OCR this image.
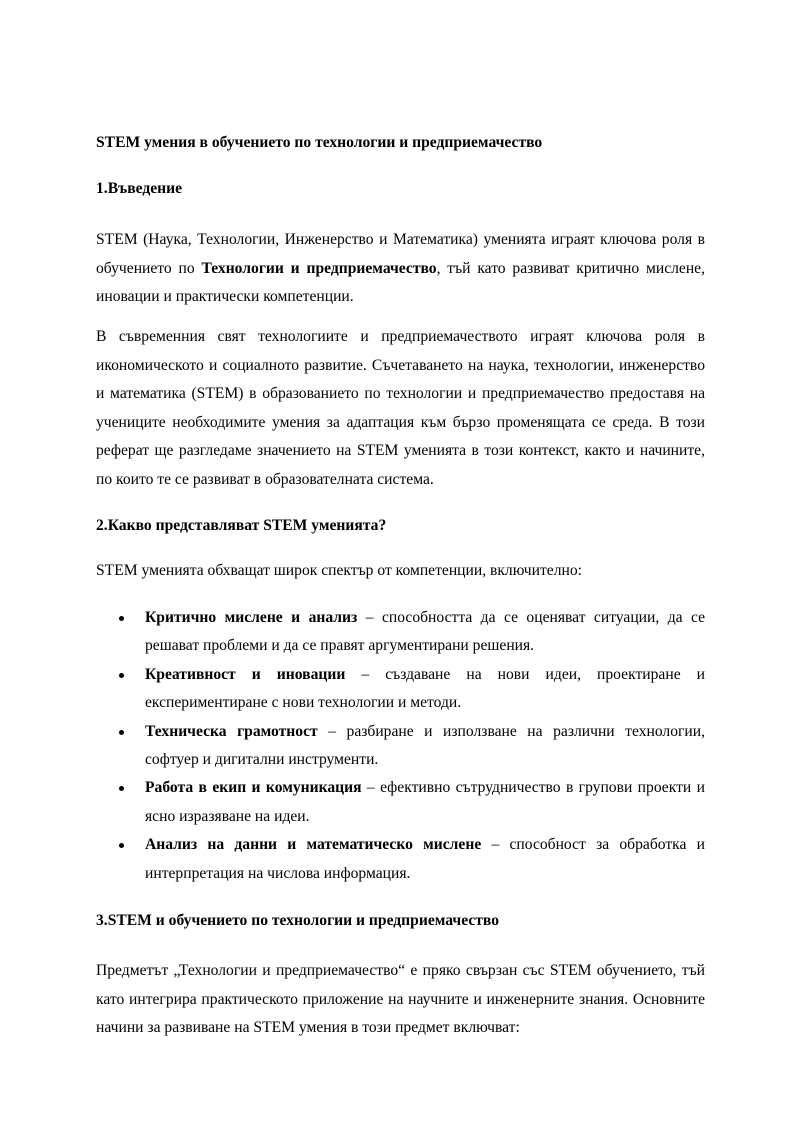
STEM умения в обучението по технологии и предприемачество
1.Въведение

STEM (Наука, Технологии, Инженерство и Математика) уменията играят ключова роля в обучението по Технологии и предприемачество, тъй като развиват критично мислене, иновации и практически компетенции.

В съвременния свят технологиите и предприемачеството играят ключова роля в икономическото и социалното развитие. Съчетаването на наука, технологии, инженерство и математика (STEM) в образованието по технологии и предприемачество предоставя на учениците необходимите умения за адаптация към бързо променящата се среда. В този реферат ще разгледаме значението на STEM уменията в този контекст, както и начините, по които те се развиват в образователната система.

2.Какво представляват STEM уменията?
STEM уменията обхващат широк спектър от компетенции, включително:
Критично мислене и анализ – способността да се оценяват ситуации, да се решават проблеми и да се правят аргументирани решения.
Креативност и иновации – създаване на нови идеи, проектиране и експериментиране с нови технологии и методи.
Техническа грамотност – разбиране и използване на различни технологии, софтуер и дигитални инструменти.
Работа в екип и комуникация – ефективно сътрудничество в групови проекти и ясно изразяване на идеи.
Анализ на данни и математическо мислене – способност за обработка и интерпретация на числова информация.
3.STEM и обучението по технологии и предприемачество

Предметът „Технологии и предприемачество“ е пряко свързан със STEM обучението, тъй като интегрира практическото приложение на научните и инженерните знания. Основните начини за развиване на STEM умения в този предмет включват:
